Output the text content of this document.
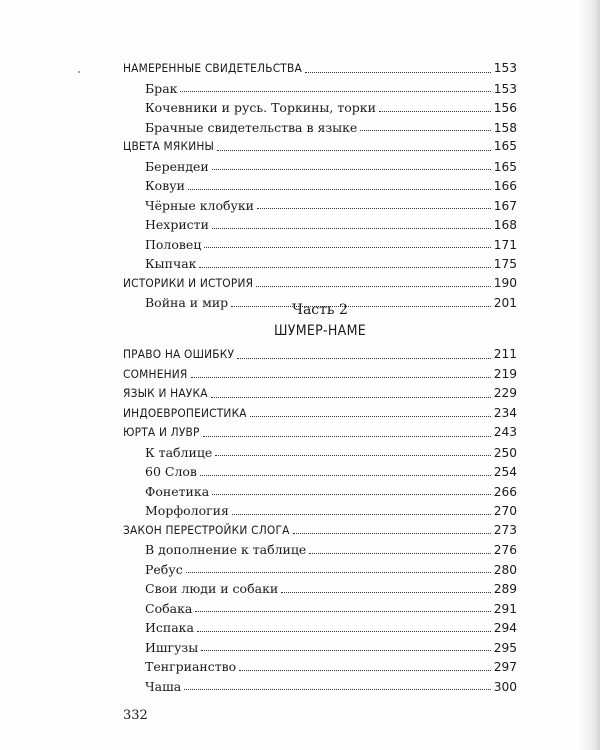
НАМЕРЕННЫЕ СВИДЕТЕЛЬСТВА	153
Брак	153
Кочевники и русь. Торкины, торки	156
Брачные свидетельства в языке	158
ЦВЕТА МЯКИНЫ	165
Берендеи	165
Ковуи	166
Чёрные клобуки	167
Нехристи	168
Половец	171
Кыпчак	175
ИСТОРИКИ И ИСТОРИЯ	190
Война и мир	201
Часть 2
ШУМЕР-НАМЕ
ПРАВО НА ОШИБКУ	211
СОМНЕНИЯ	219
ЯЗЫК И НАУКА	229
ИНДОЕВРОПЕИСТИКА	234
ЮРТА И ЛУВР	243
К таблице	250
60 Слов	254
Фонетика	266
Морфология	270
ЗАКОН ПЕРЕСТРОЙКИ СЛОГА	273
В дополнение к таблице	276
Ребус	280
Свои люди и собаки	289
Собака	291
Испака	294
Ишгузы	295
Тенгрианство	297
Чаша	300
332
